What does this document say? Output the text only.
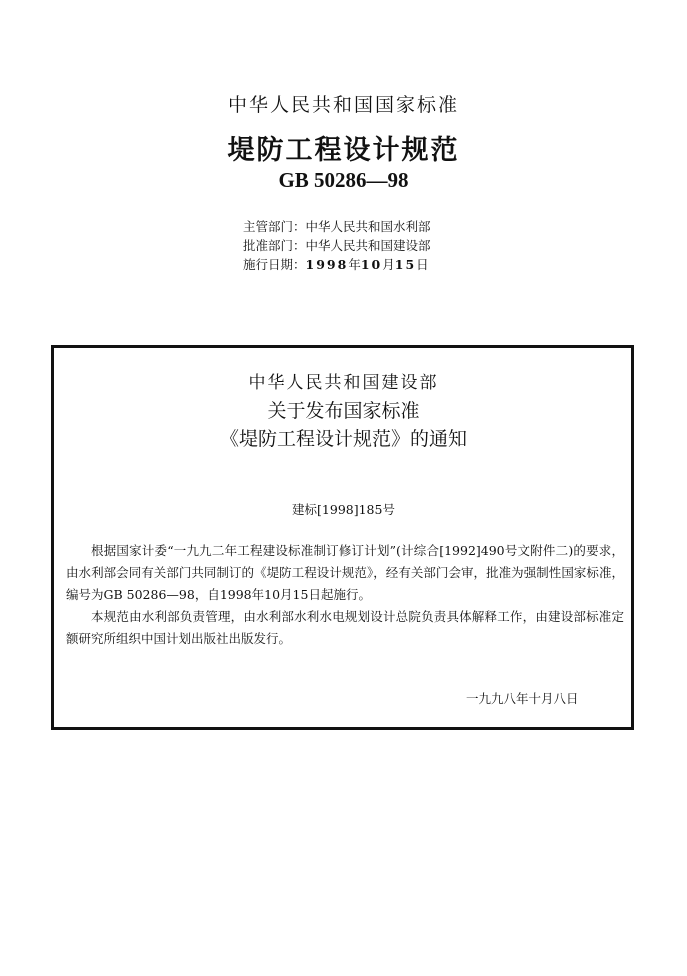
中华人民共和国国家标准
堤防工程设计规范
GB 50286—98
主管部门：中华人民共和国水利部
批准部门：中华人民共和国建设部
施行日期：1998年10月15日
中华人民共和国建设部
关于发布国家标准
《堤防工程设计规范》的通知
建标[1998]185号

根据国家计委“一九九二年工程建设标准制订修订计划”(计综合[1992]490号文附件二)的要求，由水利部会同有关部门共同制订的《堤防工程设计规范》，经有关部门会审，批准为强制性国家标准，编号为GB 50286—98，自1998年10月15日起施行。

本规范由水利部负责管理，由水利部水利水电规划设计总院负责具体解释工作，由建设部标准定额研究所组织中国计划出版社出版发行。

一九九八年十月八日
